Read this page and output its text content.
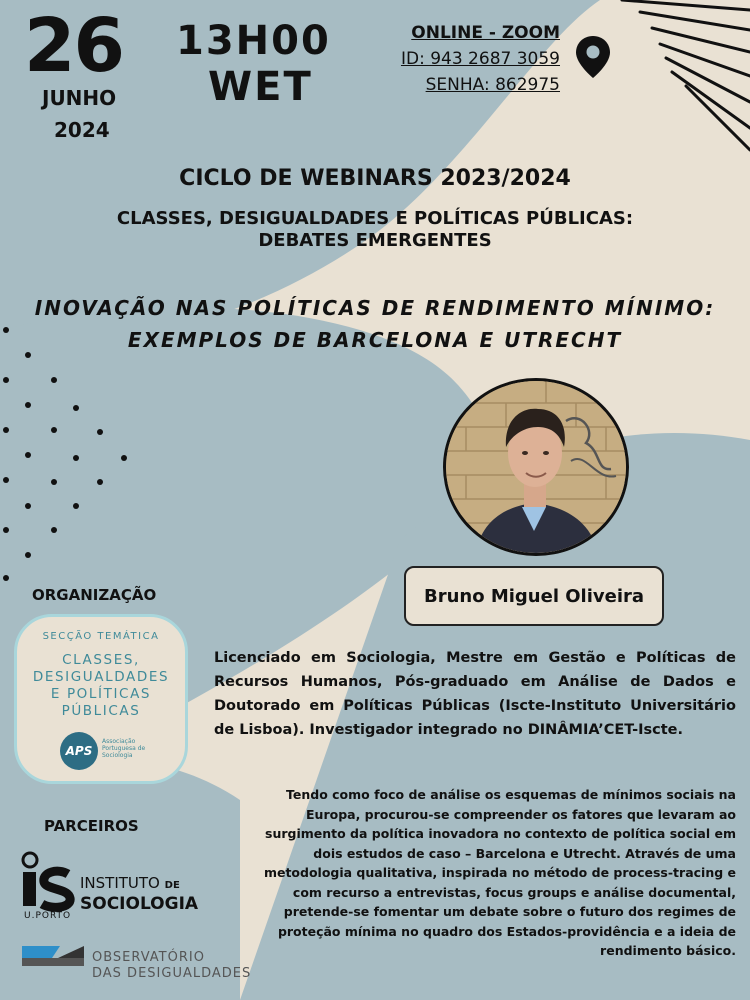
26
JUNHO
2024
13H00
WET
ONLINE - ZOOM
ID: 943 2687 3059
SENHA: 862975
CICLO DE WEBINARS 2023/2024
CLASSES, DESIGUALDADES E POLÍTICAS PÚBLICAS:
DEBATES EMERGENTES
INOVAÇÃO NAS POLÍTICAS DE RENDIMENTO MÍNIMO:
EXEMPLOS DE BARCELONA E UTRECHT
Bruno Miguel Oliveira
ORGANIZAÇÃO
SECÇÃO TEMÁTICA
CLASSES,
DESIGUALDADES
E POLÍTICAS
PÚBLICAS
APS
Associação
Portuguesa de
Sociologia
Licenciado em Sociologia, Mestre em Gestão e Políticas de Recursos Humanos, Pós-graduado em Análise de Dados e Doutorado em Políticas Públicas (Iscte-Instituto Universitário de Lisboa). Investigador integrado no DINÂMIA’CET-Iscte.
Tendo como foco de análise os esquemas de mínimos sociais na Europa, procurou-se compreender os fatores que levaram ao surgimento da política inovadora no contexto de política social em dois estudos de caso – Barcelona e Utrecht. Através de uma metodologia qualitativa, inspirada no método de process-tracing e com recurso a entrevistas, focus groups e análise documental, pretende-se fomentar um debate sobre o futuro dos regimes de proteção mínima no quadro dos Estados-providência e a ideia de rendimento básico.
PARCEIROS
INSTITUTO DE
SOCIOLOGIA
U.PORTO
OBSERVATÓRIO
DAS DESIGUALDADES
